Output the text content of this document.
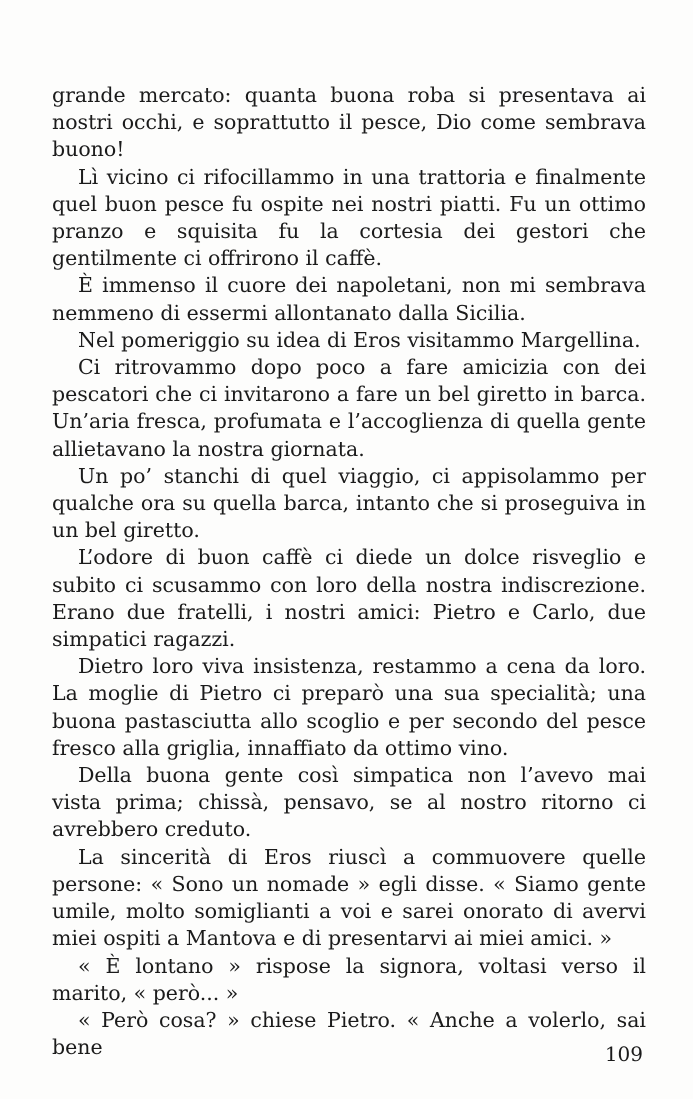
grande mercato: quanta buona roba si presentava ai nostri occhi, e soprattutto il pesce, Dio come sembrava buono!

Lì vicino ci rifocillammo in una trattoria e finalmente quel buon pesce fu ospite nei nostri piatti. Fu un ottimo pranzo e squisita fu la cortesia dei gestori che gentilmente ci offrirono il caffè.

È immenso il cuore dei napoletani, non mi sembrava nemmeno di essermi allontanato dalla Sicilia.

Nel pomeriggio su idea di Eros visitammo Margellina.

Ci ritrovammo dopo poco a fare amicizia con dei pescatori che ci invitarono a fare un bel giretto in barca. Un’aria fresca, profumata e l’accoglienza di quella gente allietavano la nostra giornata.

Un po’ stanchi di quel viaggio, ci appisolammo per qualche ora su quella barca, intanto che si proseguiva in un bel giretto.

L’odore di buon caffè ci diede un dolce risveglio e subito ci scusammo con loro della nostra indiscrezione. Erano due fratelli, i nostri amici: Pietro e Carlo, due simpatici ragazzi.

Dietro loro viva insistenza, restammo a cena da loro. La moglie di Pietro ci preparò una sua specialità; una buona pastasciutta allo scoglio e per secondo del pesce fresco alla griglia, innaffiato da ottimo vino.

Della buona gente così simpatica non l’avevo mai vista prima; chissà, pensavo, se al nostro ritorno ci avrebbero creduto.

La sincerità di Eros riuscì a commuovere quelle persone: « Sono un nomade » egli disse. « Siamo gente umile, molto somiglianti a voi e sarei onorato di avervi miei ospiti a Mantova e di presentarvi ai miei amici. »

« È lontano » rispose la signora, voltasi verso il marito, « però... »

« Però cosa? » chiese Pietro. « Anche a volerlo, sai bene	109
